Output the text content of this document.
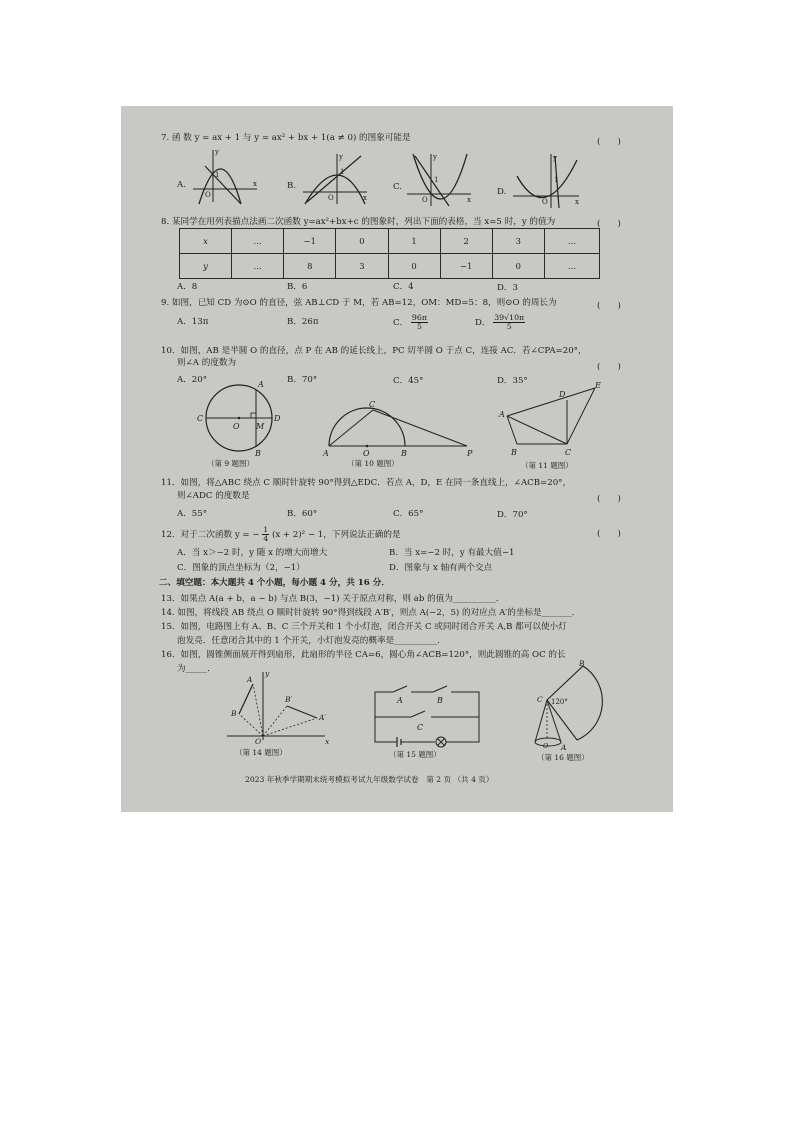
7. 函 数 y = ax + 1 与 y = ax² + bx + 1(a ≠ 0) 的图象可能是	(　　)
A.	B.	C.	D.
y
x
O
1
y
x
O
1
y
x
O
1
y
x
O
1
8. 某同学在用列表描点法画二次函数 y=ax²+bx+c 的图象时，列出下面的表格，当 x=5 时，y 的值为	(　　)
x	…	−1	0	1	2	3	…
y	…	8	3	0	−1	0	…
A．8	B．6	C．4	D．3
9. 如图，已知 CD 为⊙O 的直径，弦 AB⊥CD 于 M，若 AB=12，OM：MD=5：8，则⊙O 的周长为	(　　)
A．13π	B．26π	C． $\frac{96\pi}{5}$	D． $\frac{39√10\pi}{5}$
10．如图，AB 是半圆 O 的直径，点 P 在 AB 的延长线上，PC 切半圆 O 于点 C，连接 AC．若∠CPA=20°，
则∠A 的度数为	(　　)
A．20°	B．70°	C．45°	D．35°
A
B
C	D
O M
（第 9 题图）
A	O	B	P
C
（第 10 题图）
A
B	C
D
E
（第 11 题图）
11．如图，将△ABC 绕点 C 顺时针旋转 90°得到△EDC．若点 A，D，E 在同一条直线上，∠ACB=20°，
则∠ADC 的度数是	(　　)
A．55°	B．60°	C．65°	D．70°
12．对于二次函数 y = − $\frac{1}{4} (x + 2)^2 - 1$，下列说法正确的是	(　　)
A．当 x＞−2 时，y 随 x 的增大而增大	B．当 x=−2 时，y 有最大值−1
C．图象的顶点坐标为（2，−1）	D．图象与 x 轴有两个交点
二、填空题：本大题共 4 个小题，每小题 4 分，共 16 分．
13．如果点 A(a + b，a − b) 与点 B(3，−1) 关于原点对称，则 ab 的值为__________．
14. 如图，将线段 AB 绕点 O 顺时针旋转 90°得到线段 A′B′，则点 A(−2，5) 的对应点 A′的坐标是_______．
15．如图，电路图上有 A、B、C 三个开关和 1 个小灯泡，闭合开关 C 或同时闭合开关 A,B 都可以使小灯
泡发亮．任意闭合其中的 1 个开关，小灯泡发亮的概率是__________．
16．如图，圆锥侧面展开得到扇形，此扇形的半径 CA=6，圆心角∠ACB=120°，则此圆锥的高 OC 的长
为_____．	y
x
O
A
B
B′
A′
（第 14 题图）
A	B
C
（第 15 题图）
B
C
A
O
120°
（第 16 题图）
2023 年秋季学期期末统考模拟考试九年级数学试卷　第 2 页 （共 4 页）
